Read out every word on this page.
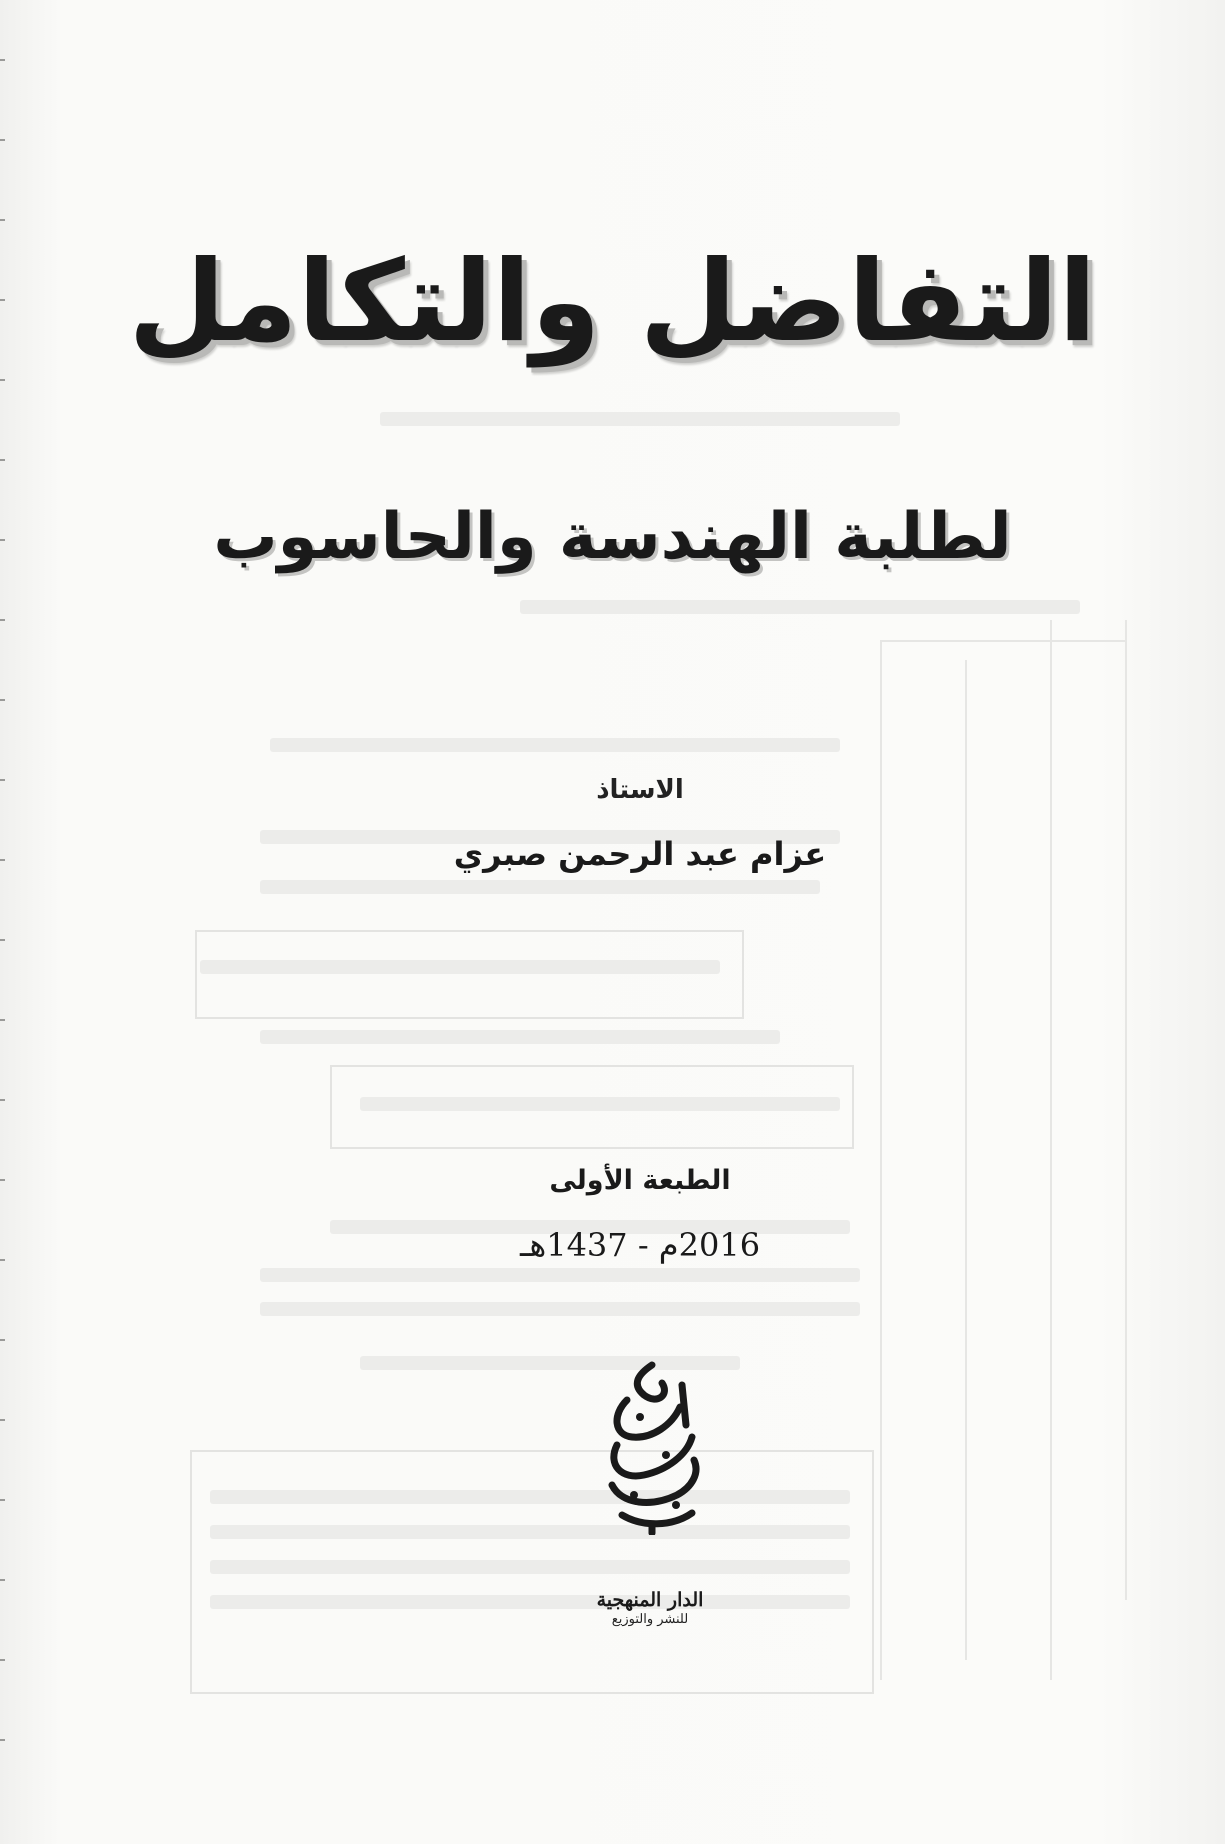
التفاضل والتكامل
لطلبة الهندسة والحاسوب
الاستاذ
عزام عبد الرحمن صبري
الطبعة الأولى
2016م - 1437هـ
الدار المنهجية
للنشر والتوزيع
